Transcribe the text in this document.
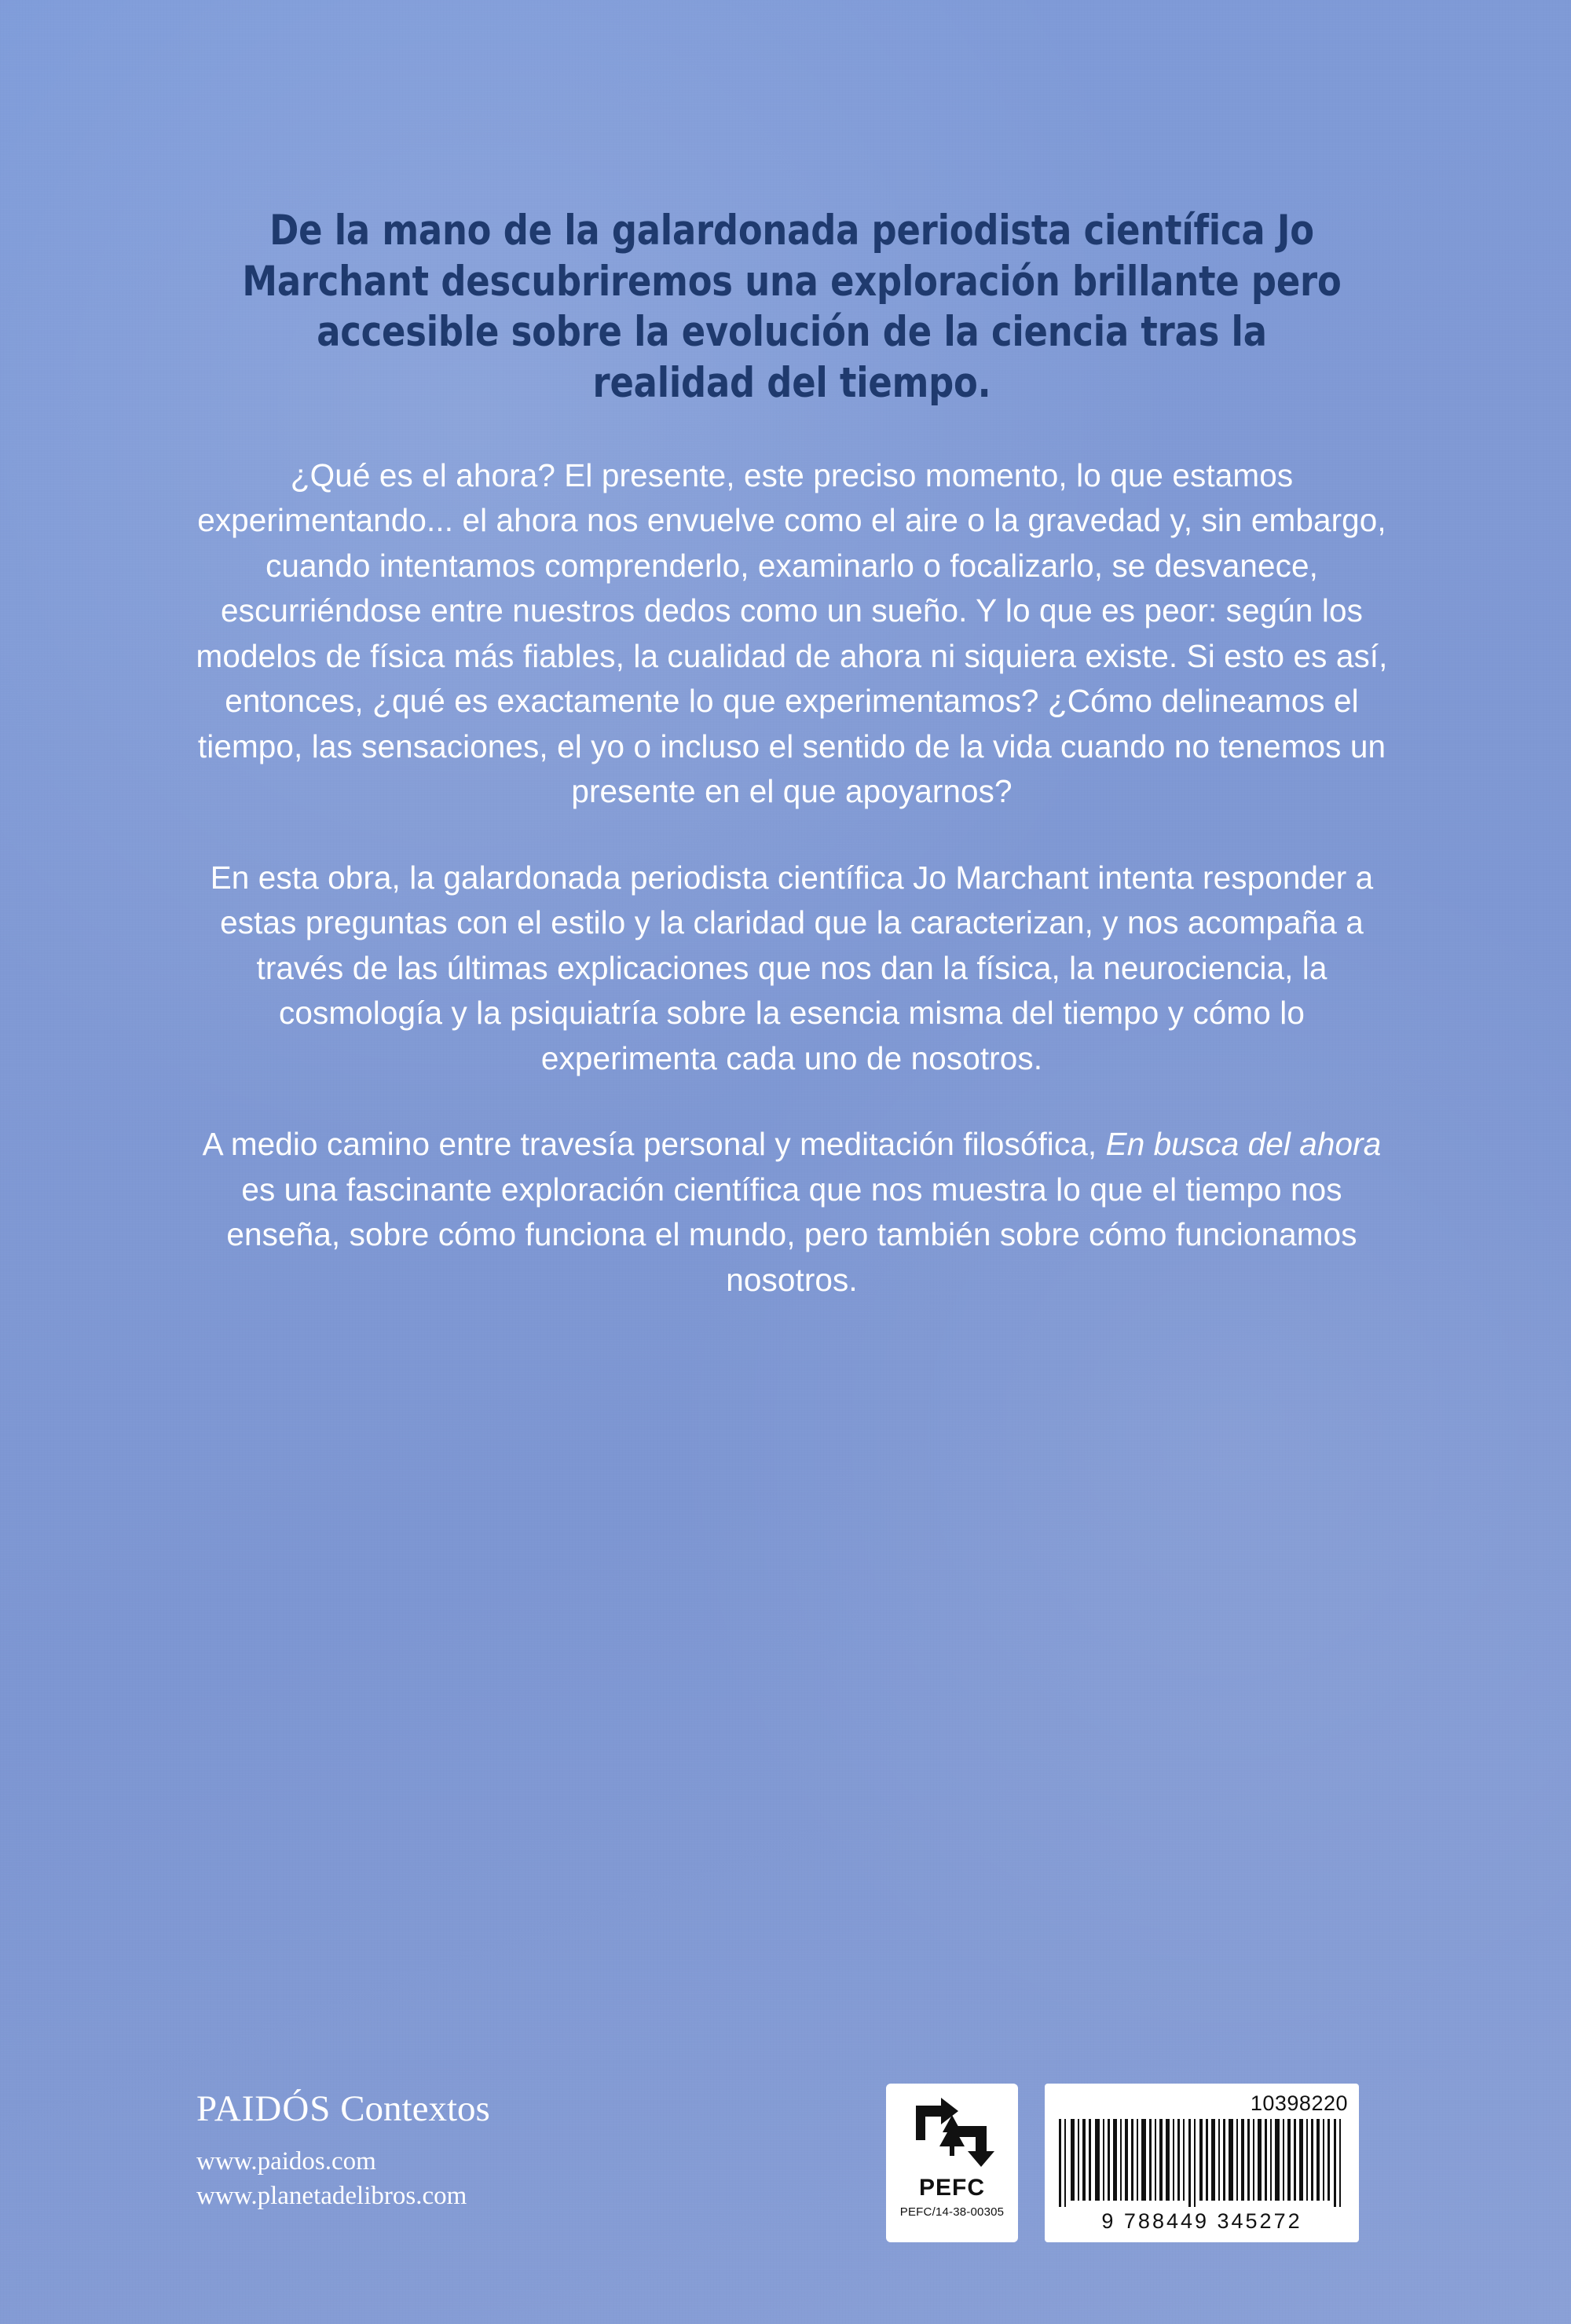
De la mano de la galardonada periodista científica Jo Marchant descubriremos una exploración brillante pero accesible sobre la evolución de la ciencia tras la realidad del tiempo.

¿Qué es el ahora? El presente, este preciso momento, lo que estamos experimentando... el ahora nos envuelve como el aire o la gravedad y, sin embargo, cuando intentamos comprenderlo, examinarlo o focalizarlo, se desvanece, escurriéndose entre nuestros dedos como un sueño. Y lo que es peor: según los modelos de física más fiables, la cualidad de ahora ni siquiera existe. Si esto es así, entonces, ¿qué es exactamente lo que experimentamos? ¿Cómo delineamos el tiempo, las sensaciones, el yo o incluso el sentido de la vida cuando no tenemos un presente en el que apoyarnos?

En esta obra, la galardonada periodista científica Jo Marchant intenta responder a estas preguntas con el estilo y la claridad que la caracterizan, y nos acompaña a través de las últimas explicaciones que nos dan la física, la neurociencia, la cosmología y la psiquiatría sobre la esencia misma del tiempo y cómo lo experimenta cada uno de nosotros.

A medio camino entre travesía personal y meditación filosófica, En busca del ahora es una fascinante exploración científica que nos muestra lo que el tiempo nos enseña, sobre cómo funciona el mundo, pero también sobre cómo funcionamos nosotros.

PAIDÓS Contextos
www.paidos.com
www.planetadelibros.com	PEFC
PEFC/14-38-00305
10398220
9 788449 345272
